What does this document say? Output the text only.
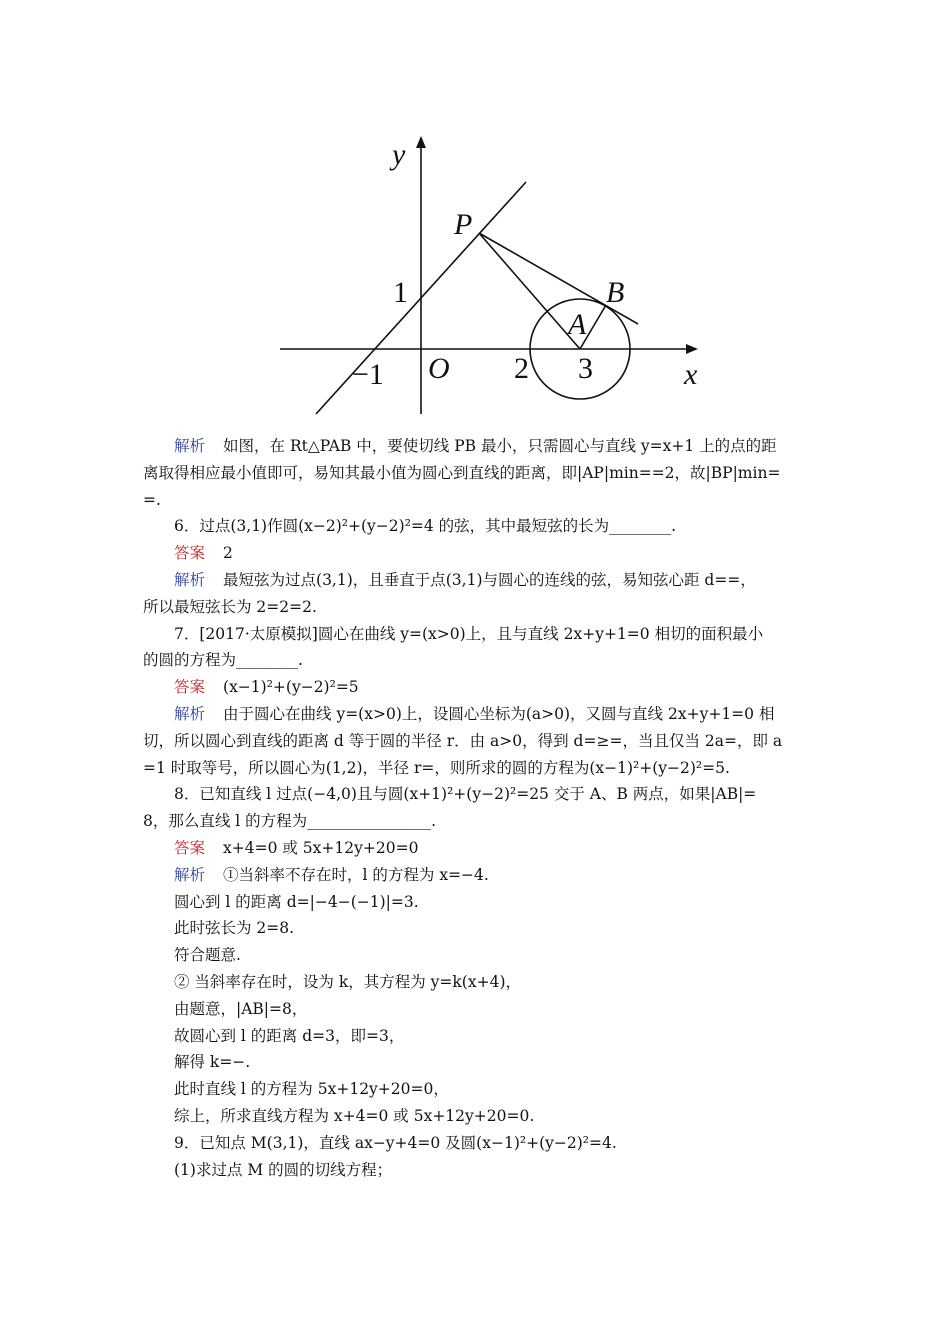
y
x
O
−1
1
2 3
P
A
B
解析 如图，在 Rt△PAB 中，要使切线 PB 最小，只需圆心与直线 y=x+1 上的点的距
离取得相应最小值即可，易知其最小值为圆心到直线的距离，即|AP|min==2，故|BP|min=
=.
6．过点(3,1)作圆(x−2)²+(y−2)²=4 的弦，其中最短弦的长为________.
答案 2
解析 最短弦为过点(3,1)，且垂直于点(3,1)与圆心的连线的弦，易知弦心距 d==，
所以最短弦长为 2=2=2.
7．[2017·太原模拟]圆心在曲线 y=(x>0)上，且与直线 2x+y+1=0 相切的面积最小
的圆的方程为________.
答案 (x−1)²+(y−2)²=5
解析 由于圆心在曲线 y=(x>0)上，设圆心坐标为(a>0)，又圆与直线 2x+y+1=0 相
切，所以圆心到直线的距离 d 等于圆的半径 r．由 a>0，得到 d=≥=，当且仅当 2a=，即 a
=1 时取等号，所以圆心为(1,2)，半径 r=，则所求的圆的方程为(x−1)²+(y−2)²=5.
8．已知直线 l 过点(−4,0)且与圆(x+1)²+(y−2)²=25 交于 A、B 两点，如果|AB|=
8，那么直线 l 的方程为________________.
答案 x+4=0 或 5x+12y+20=0
解析 ①当斜率不存在时，l 的方程为 x=−4.
圆心到 l 的距离 d=|−4−(−1)|=3.
此时弦长为 2=8.
符合题意.
② 当斜率存在时，设为 k，其方程为 y=k(x+4)，
由题意，|AB|=8，
故圆心到 l 的距离 d=3，即=3，
解得 k=−.
此时直线 l 的方程为 5x+12y+20=0，
综上，所求直线方程为 x+4=0 或 5x+12y+20=0.
9．已知点 M(3,1)，直线 ax−y+4=0 及圆(x−1)²+(y−2)²=4.
(1)求过点 M 的圆的切线方程；
